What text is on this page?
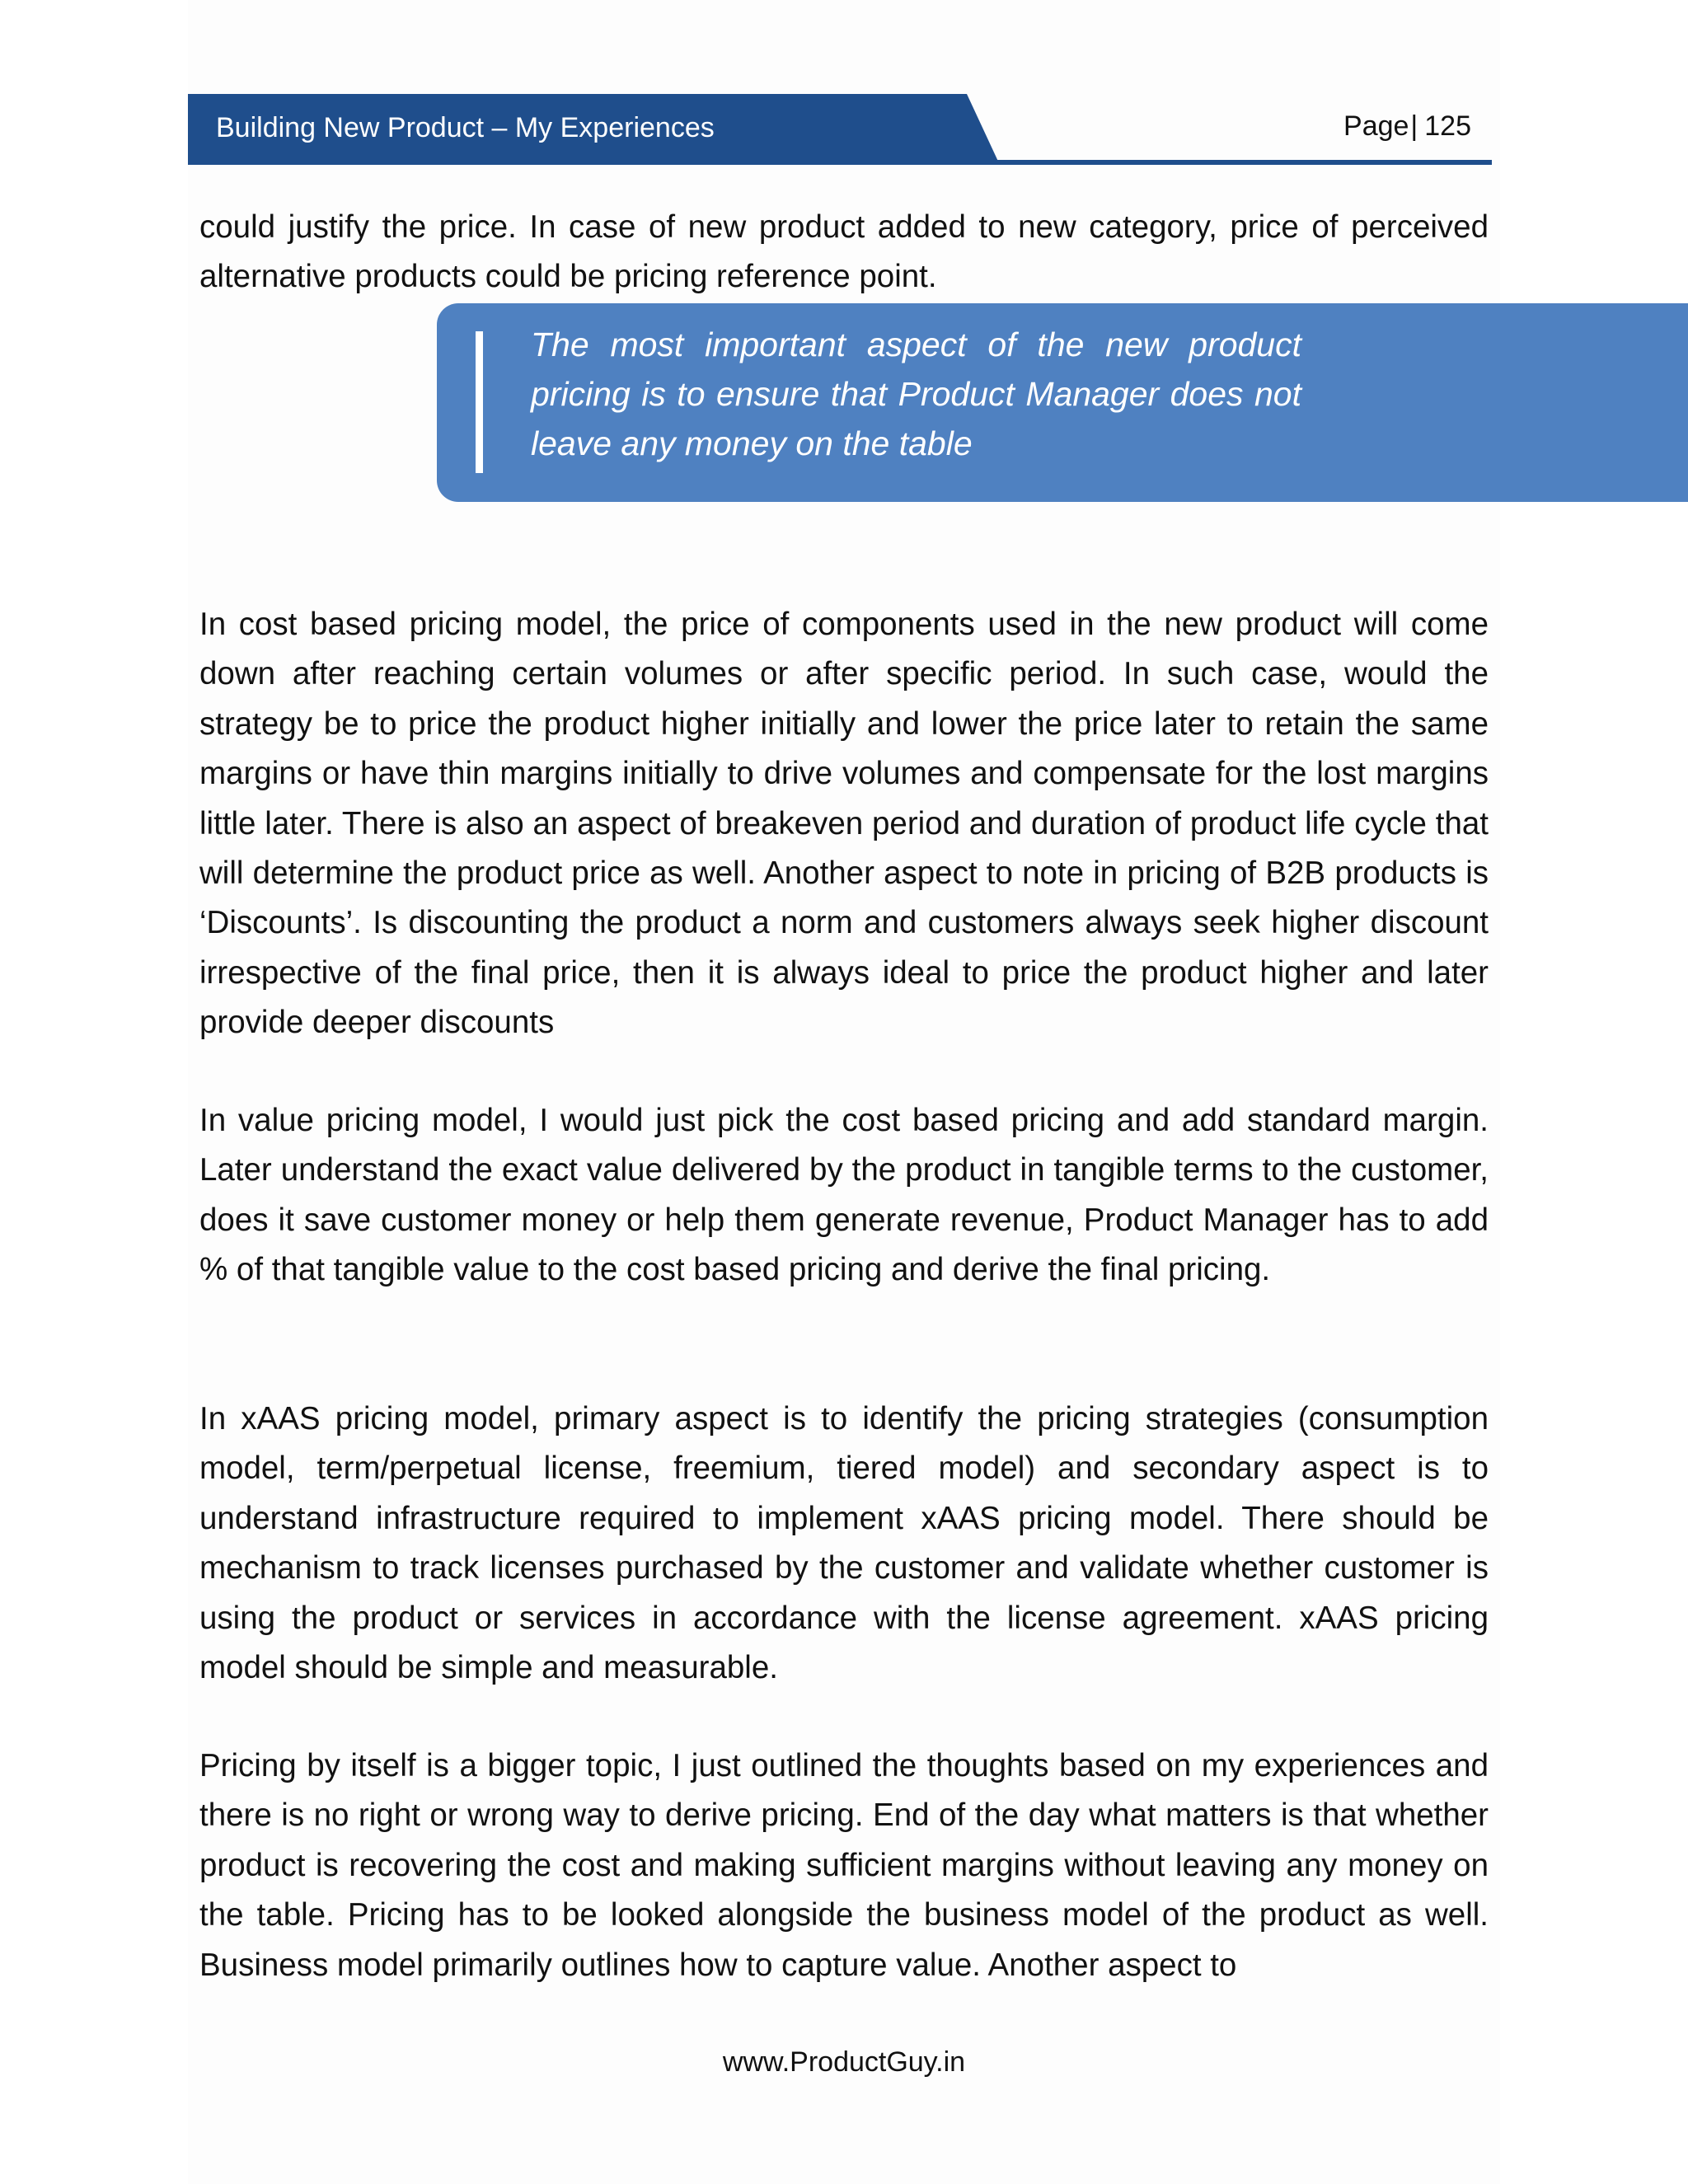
Building New Product – My Experiences	Page| 125

could justify the price. In case of new product added to new category, price of perceived alternative products could be pricing reference point.

The most important aspect of the new product pricing is to ensure that Product Manager does not leave any money on the table

In cost based pricing model, the price of components used in the new product will come down after reaching certain volumes or after specific period. In such case, would the strategy be to price the product higher initially and lower the price later to retain the same margins or have thin margins initially to drive volumes and compensate for the lost margins little later. There is also an aspect of breakeven period and duration of product life cycle that will determine the product price as well. Another aspect to note in pricing of B2B products is ‘Discounts’. Is discounting the product a norm and customers always seek higher discount irrespective of the final price, then it is always ideal to price the product higher and later provide deeper discounts

In value pricing model, I would just pick the cost based pricing and add standard margin. Later understand the exact value delivered by the product in tangible terms to the customer, does it save customer money or help them generate revenue, Product Manager has to add % of that tangible value to the cost based pricing and derive the final pricing.

In xAAS pricing model, primary aspect is to identify the pricing strategies (consumption model, term/perpetual license, freemium, tiered model) and secondary aspect is to understand infrastructure required to implement xAAS pricing model. There should be mechanism to track licenses purchased by the customer and validate whether customer is using the product or services in accordance with the license agreement. xAAS pricing model should be simple and measurable.

Pricing by itself is a bigger topic, I just outlined the thoughts based on my experiences and there is no right or wrong way to derive pricing. End of the day what matters is that whether product is recovering the cost and making sufficient margins without leaving any money on the table. Pricing has to be looked alongside the business model of the product as well. Business model primarily outlines how to capture value. Another aspect to

www.ProductGuy.in
